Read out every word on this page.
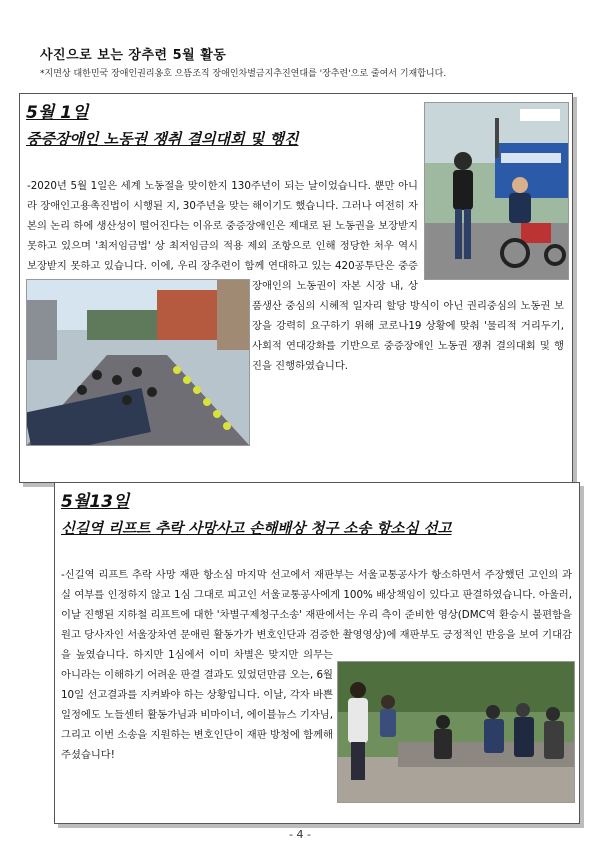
사진으로 보는 장추련 5월 활동
*지면상 대한민국 장애인권리옹호 으뜸조직 장애인차별금지추진연대를 '장추련'으로 줄여서 기재합니다.
5월 1일
중증장애인 노동권 쟁취 결의대회 및 행진
-2020년 5월 1일은 세계 노동절을 맞이한지 130주년이 되는 날이었습니다. 뿐만 아니라 장애인고용촉진법이 시행된 지, 30주년을 맞는 해이기도 했습니다. 그러나 여전히 자본의 논리 하에 생산성이 떨어진다는 이유로 중증장애인은 제대로 된 노동권을 보장받지 못하고 있으며 '최저임금법' 상 최저임금의 적용 제외 조항으로 인해 정당한 처우 역시 보장받지 못하고 있습니다. 이에, 우리 장추련이 함께 연대하고 있는 420공투단은 중증장애인의 노동권이 자본 시장 내, 상품생산 중심의 시혜적 일자리 할당 방식이 아닌 권리중심의 노동권 보장을 강력히 요구하기 위해 코로나19 상황에 맞춰 '물리적 거리두기, 사회적 연대강화를 기반으로 중증장애인 노동권 쟁취 결의대회 및 행진을 진행하였습니다.
5월13일
신길역 리프트 추락 사망사고 손해배상 청구 소송 항소심 선고
-신길역 리프트 추락 사망 재판 항소심 마지막 선고에서 재판부는 서울교통공사가 항소하면서 주장했던 고인의 과실 여부를 인정하지 않고 1심 그대로 피고인 서울교통공사에게 100% 배상책임이 있다고 판결하였습니다. 아울러, 이날 진행된 지하철 리프트에 대한 '차별구제청구소송' 재판에서는 우리 측이 준비한 영상(DMC역 환승시 불편함을 원고 당사자인 서울장차연 문애린 활동가가 변호인단과 검증한 촬영영상)에 재판부도 긍정적인 반응을 보여 기대감을 높였습니다. 하지만 1심에서 이미 차별은 맞지만 의무는 아니라는 이해하기 어려운 판결 결과도 있었던만큼 오는, 6월10일 선고결과를 지켜봐야 하는 상황입니다. 이날, 각자 바쁜 일정에도 노들센터 활동가님과 비마이너, 에이블뉴스 기자님, 그리고 이번 소송을 지원하는 변호인단이 재판 방청에 함께해 주셨습니다!
- 4 -
